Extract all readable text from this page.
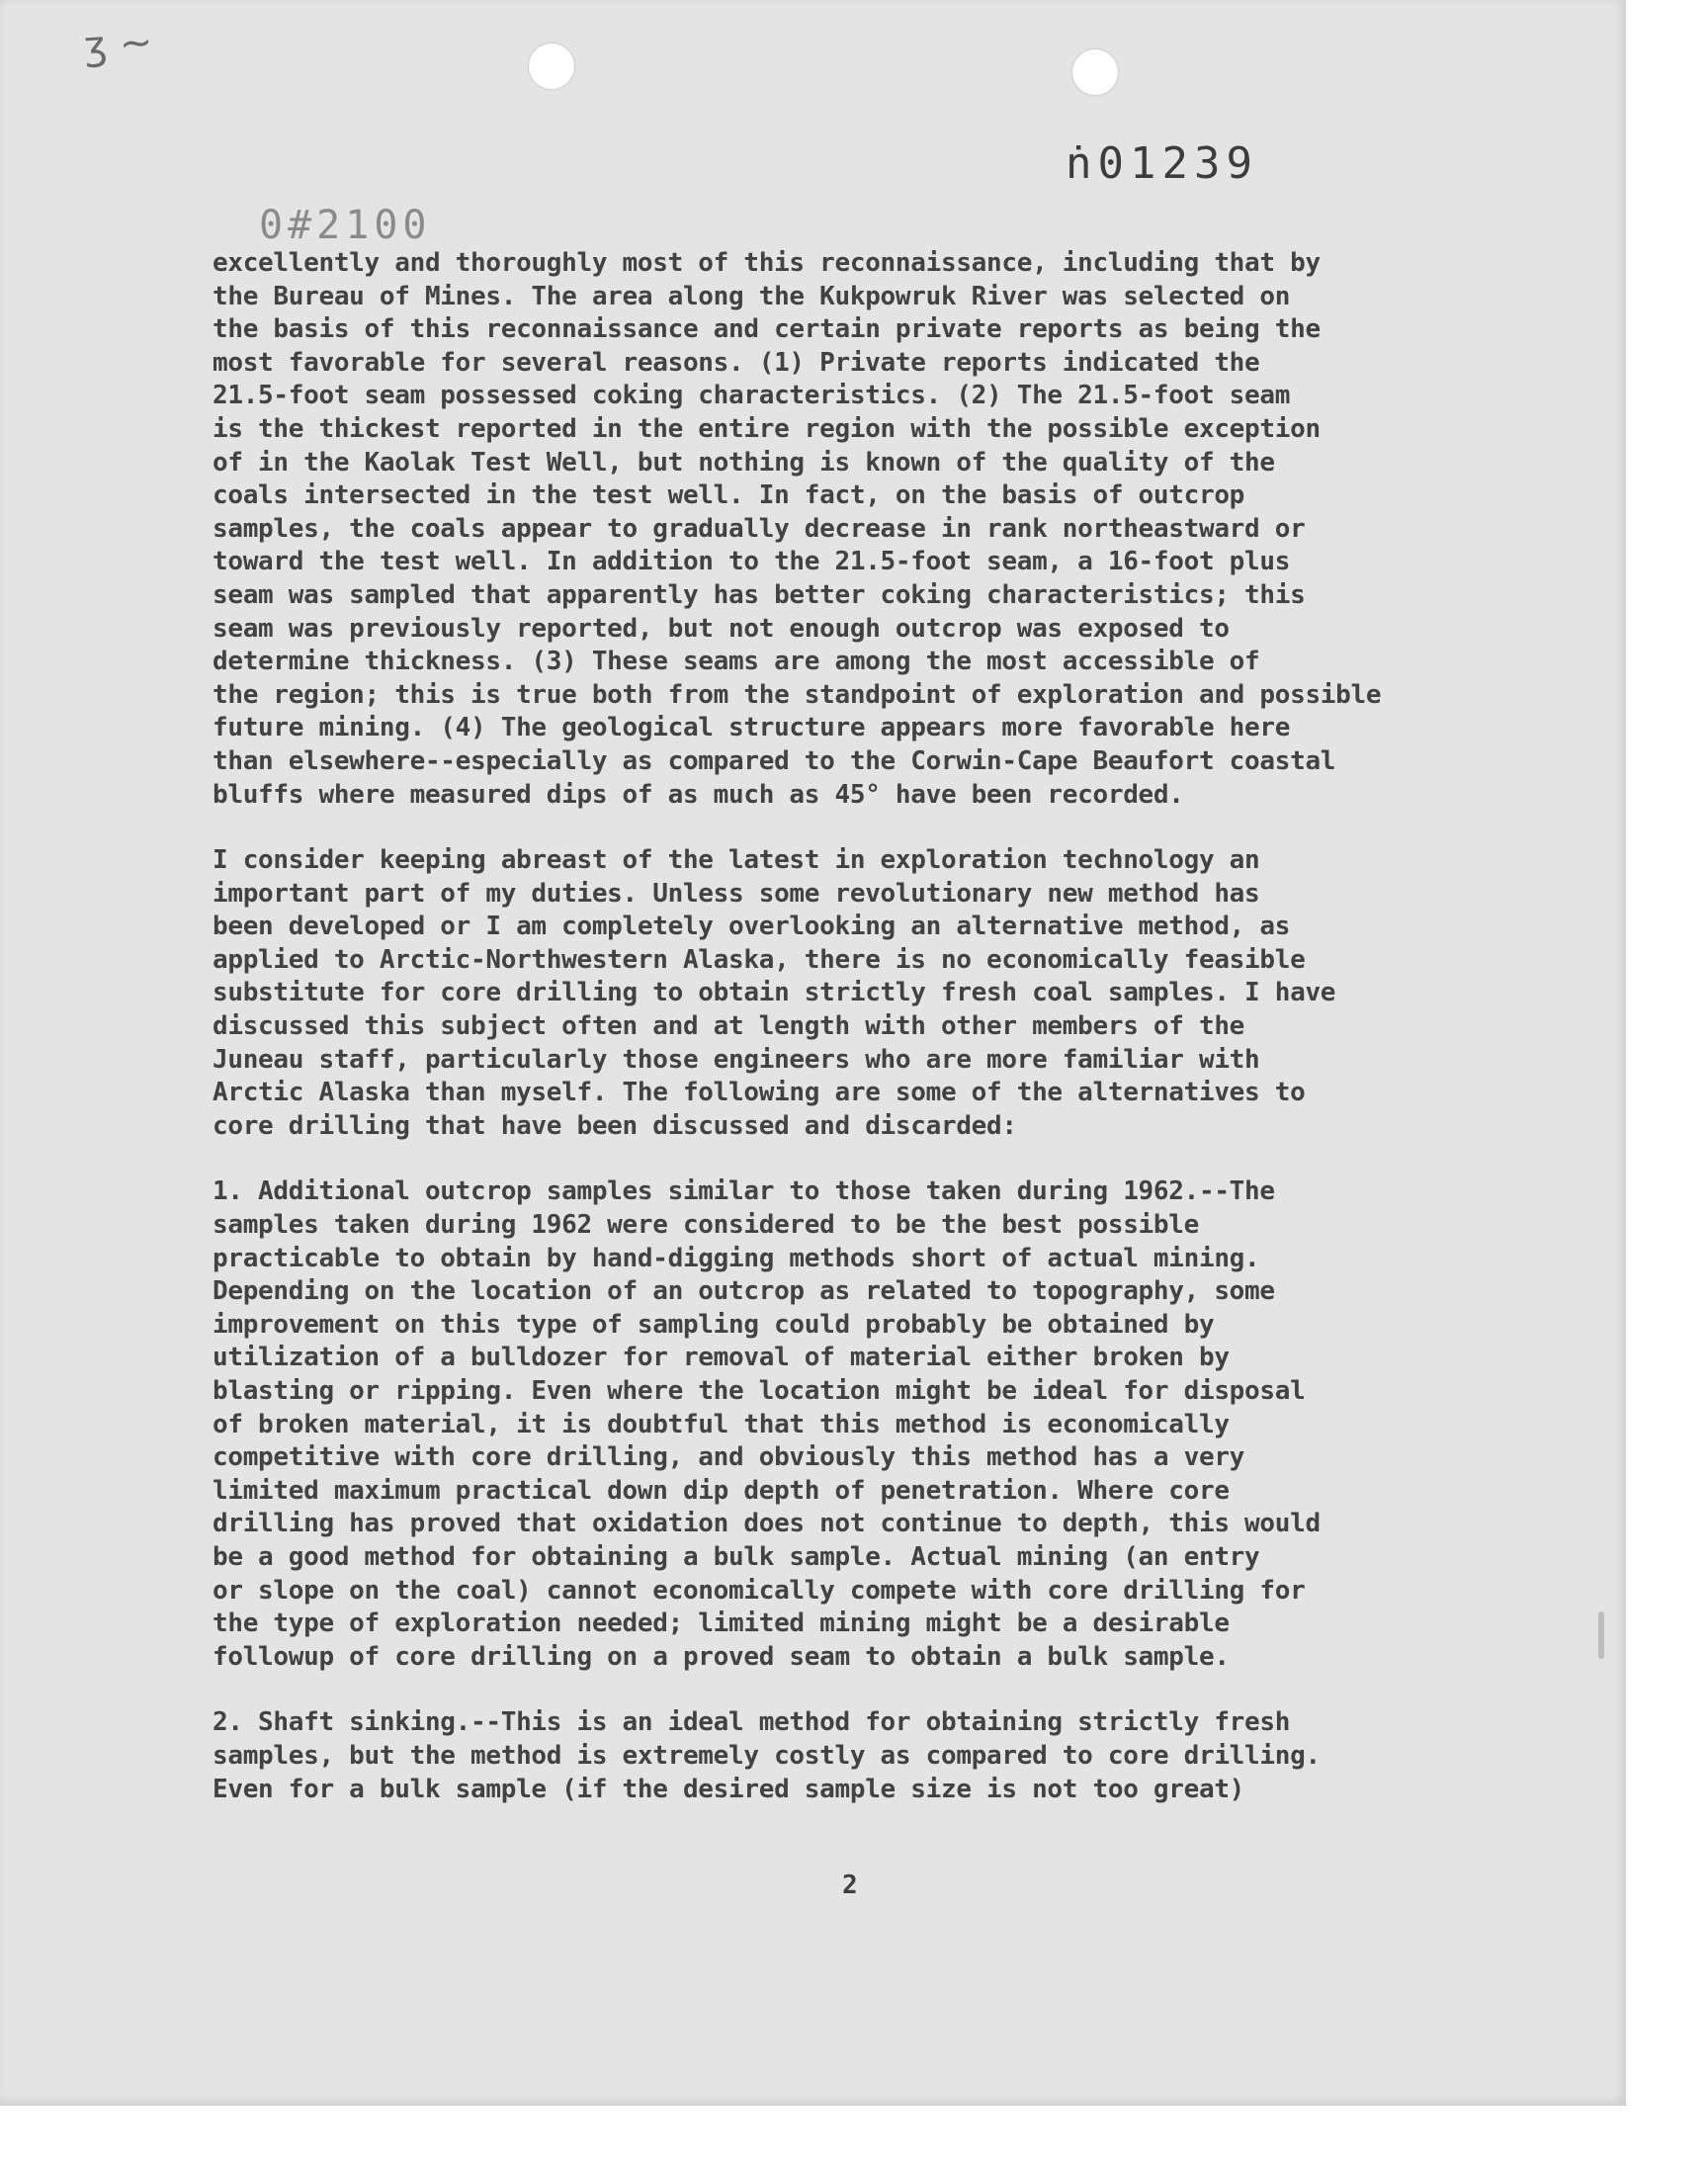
ʒ ~
ṅ01239
0#2100

excellently and thoroughly most of this reconnaissance, including that by
the Bureau of Mines. The area along the Kukpowruk River was selected on
the basis of this reconnaissance and certain private reports as being the
most favorable for several reasons. (1) Private reports indicated the
21.5-foot seam possessed coking characteristics. (2) The 21.5-foot seam
is the thickest reported in the entire region with the possible exception
of in the Kaolak Test Well, but nothing is known of the quality of the
coals intersected in the test well. In fact, on the basis of outcrop
samples, the coals appear to gradually decrease in rank northeastward or
toward the test well. In addition to the 21.5-foot seam, a 16-foot plus
seam was sampled that apparently has better coking characteristics; this
seam was previously reported, but not enough outcrop was exposed to
determine thickness. (3) These seams are among the most accessible of
the region; this is true both from the standpoint of exploration and possible
future mining. (4) The geological structure appears more favorable here
than elsewhere--especially as compared to the Corwin-Cape Beaufort coastal
bluffs where measured dips of as much as 45° have been recorded.

I consider keeping abreast of the latest in exploration technology an
important part of my duties. Unless some revolutionary new method has
been developed or I am completely overlooking an alternative method, as
applied to Arctic-Northwestern Alaska, there is no economically feasible
substitute for core drilling to obtain strictly fresh coal samples. I have
discussed this subject often and at length with other members of the
Juneau staff, particularly those engineers who are more familiar with
Arctic Alaska than myself. The following are some of the alternatives to
core drilling that have been discussed and discarded:

1. Additional outcrop samples similar to those taken during 1962.--The
samples taken during 1962 were considered to be the best possible
practicable to obtain by hand-digging methods short of actual mining.
Depending on the location of an outcrop as related to topography, some
improvement on this type of sampling could probably be obtained by
utilization of a bulldozer for removal of material either broken by
blasting or ripping. Even where the location might be ideal for disposal
of broken material, it is doubtful that this method is economically
competitive with core drilling, and obviously this method has a very
limited maximum practical down dip depth of penetration. Where core
drilling has proved that oxidation does not continue to depth, this would
be a good method for obtaining a bulk sample. Actual mining (an entry
or slope on the coal) cannot economically compete with core drilling for
the type of exploration needed; limited mining might be a desirable
followup of core drilling on a proved seam to obtain a bulk sample.

2. Shaft sinking.--This is an ideal method for obtaining strictly fresh
samples, but the method is extremely costly as compared to core drilling.
Even for a bulk sample (if the desired sample size is not too great)

2
